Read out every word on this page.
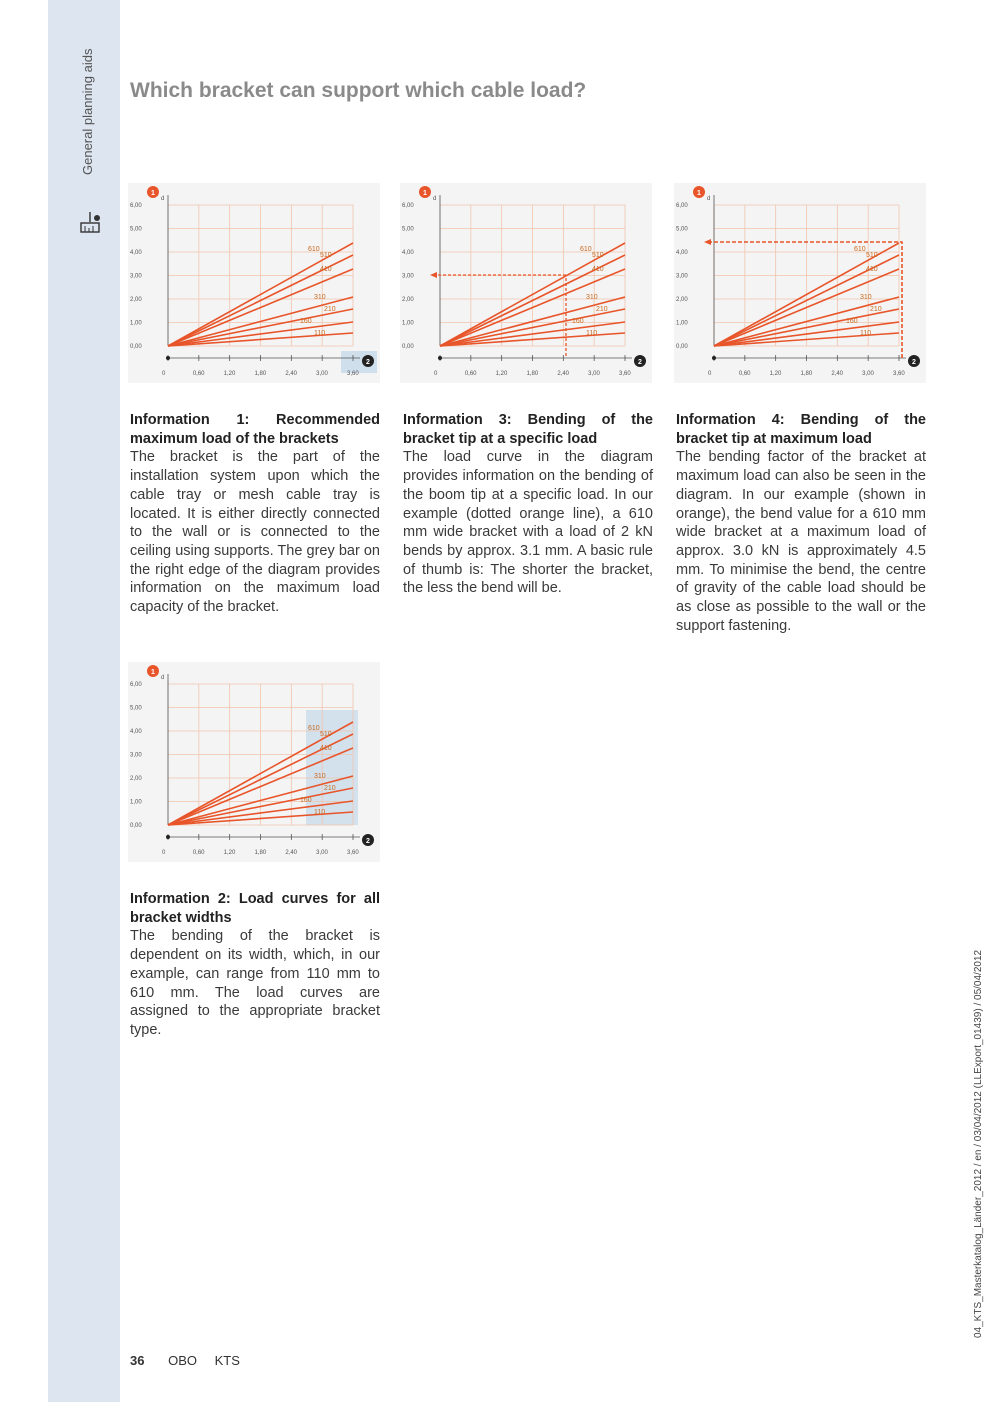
General planning aids Which bracket can support which cable load?
0,00
1,00
2,00
3,00
4,00
5,00
6,00
0	0,60	1,20	1,80	2,40	3,00	3,60
610
510
410
310
210
160
110
1
d
2
0,00
1,00
2,00
3,00
4,00
5,00
6,00
0	0,60	1,20	1,80	2,40	3,00	3,60
610
510
410
310
210
160
110
1
d
2
0,00
1,00
2,00
3,00
4,00
5,00
6,00
0	0,60	1,20	1,80	2,40	3,00	3,60
610
510
410
310
210
160
110
1
d
2
0,00
1,00
2,00
3,00
4,00
5,00
6,00
0	0,60	1,20	1,80	2,40	3,00	3,60
610
510
410
310
210
160
110
1
d
2
Information 1: Recommended maximum load of the brackets
The bracket is the part of the installation system upon which the cable tray or mesh cable tray is located. It is either directly connected to the wall or is connected to the ceiling using supports. The grey bar on the right edge of the diagram provides information on the maximum load capacity of the bracket.
Information 3: Bending of the bracket tip at a specific load
The load curve in the diagram provides information on the bending of the boom tip at a specific load. In our example (dotted orange line), a 610 mm wide bracket with a load of 2 kN bends by approx. 3.1 mm. A basic rule of thumb is: The shorter the bracket, the less the bend will be.
Information 4: Bending of the bracket tip at maximum load
The bending factor of the bracket at maximum load can also be seen in the diagram. In our example (shown in orange), the bend value for a 610 mm wide bracket at a maximum load of approx. 3.0 kN is approximately 4.5 mm. To minimise the bend, the centre of gravity of the cable load should be as close as possible to the wall or the support fastening.
Information 2: Load curves for all bracket widths
The bending of the bracket is dependent on its width, which, in our example, can range from 110 mm to 610 mm. The load curves are assigned to the appropriate bracket type.
36 OBO KTS
04_KTS_Masterkatalog_Länder_2012 / en / 03/04/2012 (LLExport_01439) / 05/04/2012
